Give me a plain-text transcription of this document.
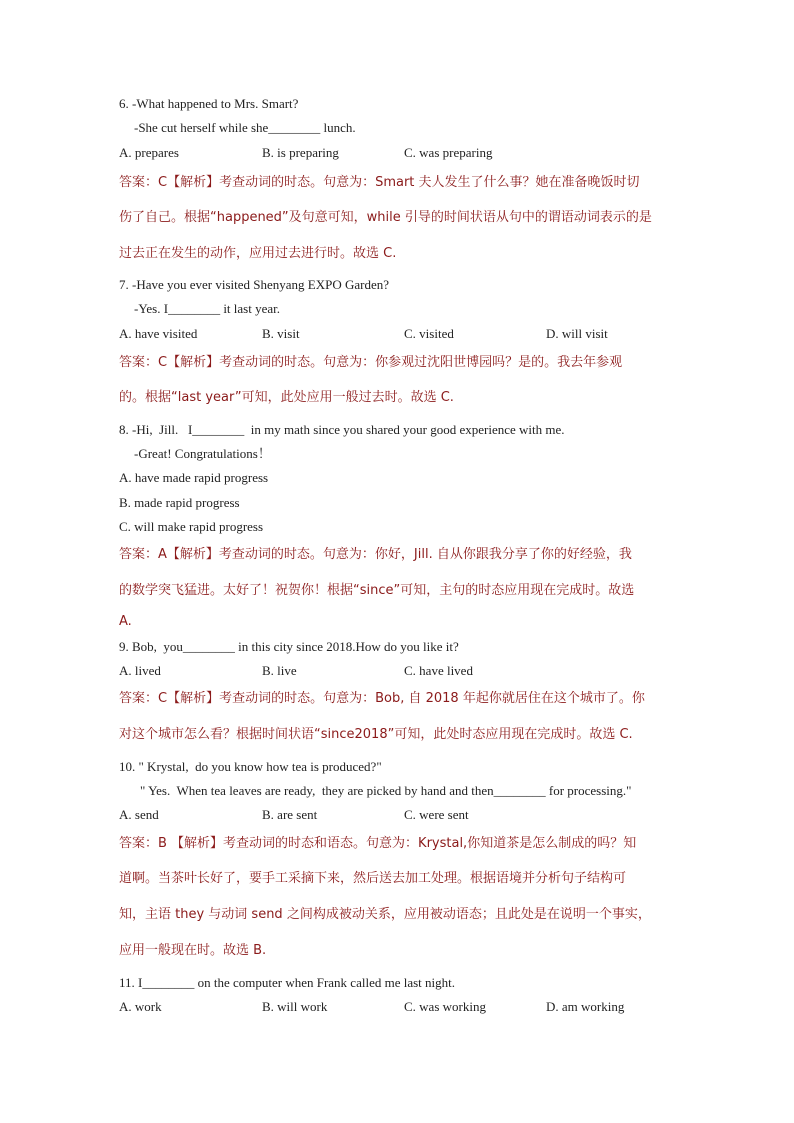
6. -What happened to Mrs. Smart?
-She cut herself while she________ lunch.
A. prepares	B. is preparing	C. was preparing
答案：C【解析】考查动词的时态。句意为：Smart 夫人发生了什么事？她在准备晚饭时切
伤了自己。根据“happened”及句意可知，while 引导的时间状语从句中的谓语动词表示的是
过去正在发生的动作，应用过去进行时。故选 C.
7. -Have you ever visited Shenyang EXPO Garden?
-Yes. I________ it last year.
A. have visited	B. visit	C. visited	D. will visit
答案：C【解析】考查动词的时态。句意为：你参观过沈阳世博园吗？是的。我去年参观
的。根据“last year”可知，此处应用一般过去时。故选 C.
8. -Hi,  Jill.   I________  in my math since you shared your good experience with me.
-Great! Congratulations！
A. have made rapid progress
B. made rapid progress
C. will make rapid progress
答案：A【解析】考查动词的时态。句意为：你好，Jill. 自从你跟我分享了你的好经验，我
的数学突飞猛进。太好了！祝贺你！根据“since”可知，主句的时态应用现在完成时。故选
A.
9. Bob,  you________ in this city since 2018.How do you like it?
A. lived	B. live	C. have lived
答案：C【解析】考查动词的时态。句意为：Bob, 自 2018 年起你就居住在这个城市了。你
对这个城市怎么看？根据时间状语“since2018”可知，此处时态应用现在完成时。故选 C.
10. " Krystal,  do you know how tea is produced?"
" Yes.  When tea leaves are ready,  they are picked by hand and then________ for processing."
A. send	B. are sent	C. were sent
答案：B 【解析】考查动词的时态和语态。句意为：Krystal,你知道茶是怎么制成的吗？知
道啊。当茶叶长好了，要手工采摘下来，然后送去加工处理。根据语境并分析句子结构可
知，主语 they 与动词 send 之间构成被动关系，应用被动语态；且此处是在说明一个事实，
应用一般现在时。故选 B.
11. I________ on the computer when Frank called me last night.
A. work	B. will work	C. was working	D. am working
